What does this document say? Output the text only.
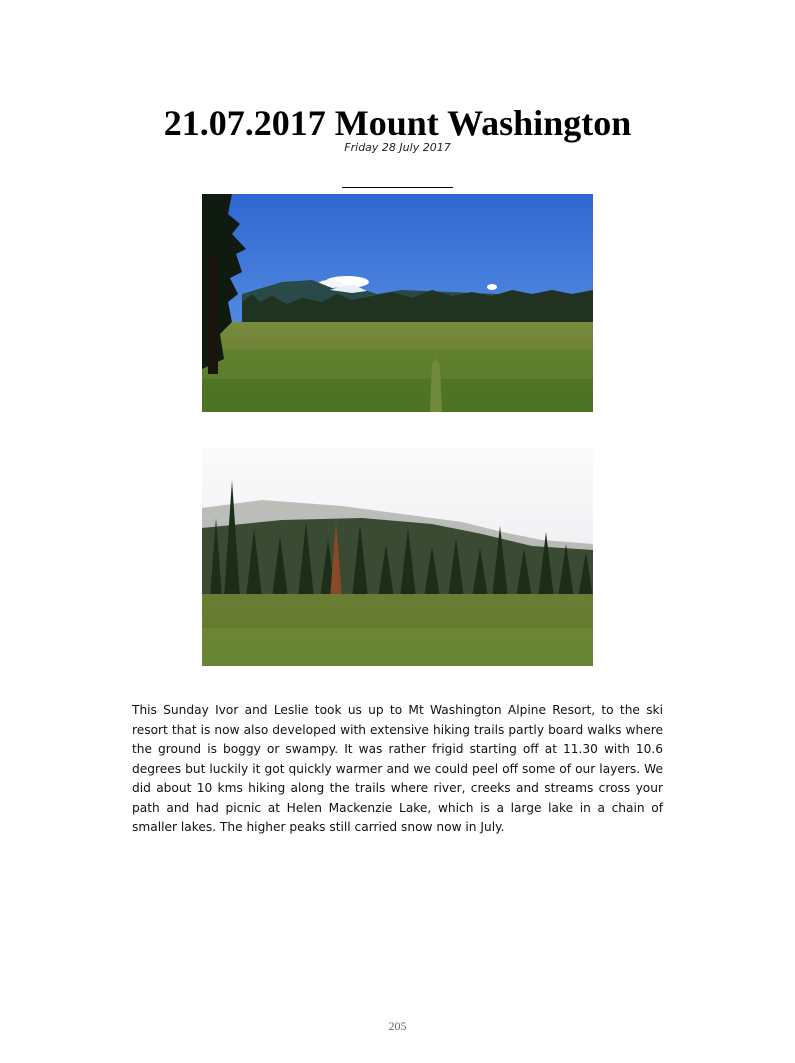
21.07.2017 Mount Washington
Friday 28 July 2017

This Sunday Ivor and Leslie took us up to Mt Washington Alpine Resort, to the ski resort that is now also developed with extensive hiking trails partly board walks where the ground is boggy or swampy. It was rather frigid starting off at 11.30 with 10.6 degrees but luckily it got quickly warmer and we could peel off some of our layers. We did about 10 kms hiking along the trails where river, creeks and streams cross your path and had picnic at Helen Mackenzie Lake, which is a large lake in a chain of smaller lakes. The higher peaks still carried snow now in July.

205
